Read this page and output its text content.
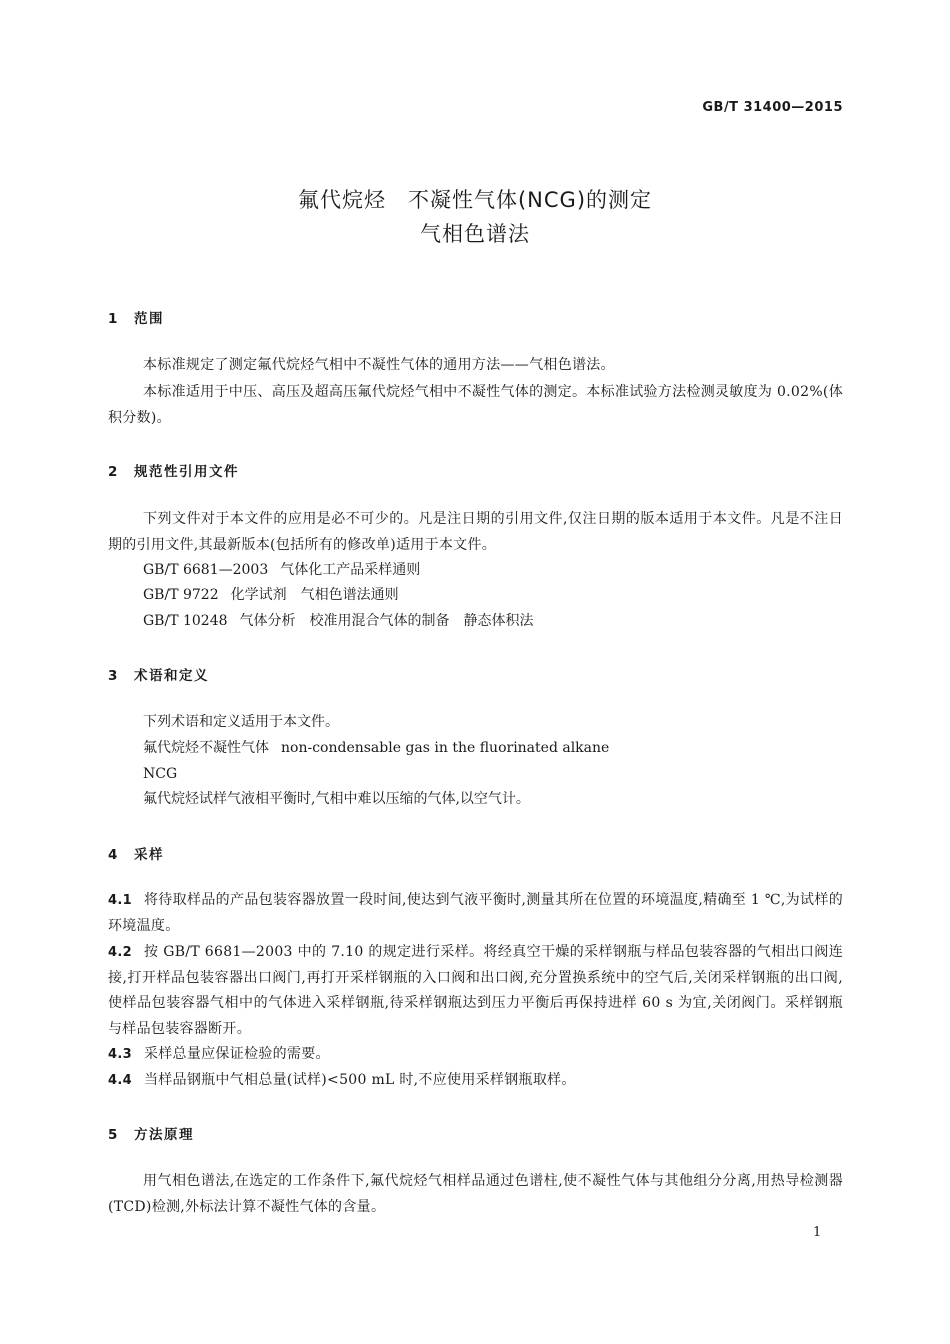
GB/T 31400—2015
氟代烷烃 不凝性气体(NCG)的测定
气相色谱法
1 范围
本标准规定了测定氟代烷烃气相中不凝性气体的通用方法——气相色谱法。
本标准适用于中压、高压及超高压氟代烷烃气相中不凝性气体的测定。本标准试验方法检测灵敏度为 0.02%(体积分数)。
2 规范性引用文件
下列文件对于本文件的应用是必不可少的。凡是注日期的引用文件,仅注日期的版本适用于本文件。凡是不注日期的引用文件,其最新版本(包括所有的修改单)适用于本文件。
GB/T 6681—2003 气体化工产品采样通则
GB/T 9722 化学试剂　气相色谱法通则
GB/T 10248 气体分析　校准用混合气体的制备　静态体积法
3 术语和定义
下列术语和定义适用于本文件。
氟代烷烃不凝性气体 non-condensable gas in the fluorinated alkane
NCG
氟代烷烃试样气液相平衡时,气相中难以压缩的气体,以空气计。
4 采样
4.1 将待取样品的产品包装容器放置一段时间,使达到气液平衡时,测量其所在位置的环境温度,精确至 1 ℃,为试样的环境温度。
4.2 按 GB/T 6681—2003 中的 7.10 的规定进行采样。将经真空干燥的采样钢瓶与样品包装容器的气相出口阀连接,打开样品包装容器出口阀门,再打开采样钢瓶的入口阀和出口阀,充分置换系统中的空气后,关闭采样钢瓶的出口阀,使样品包装容器气相中的气体进入采样钢瓶,待采样钢瓶达到压力平衡后再保持进样 60 s 为宜,关闭阀门。采样钢瓶与样品包装容器断开。
4.3 采样总量应保证检验的需要。
4.4 当样品钢瓶中气相总量(试样)<500 mL 时,不应使用采样钢瓶取样。
5 方法原理
用气相色谱法,在选定的工作条件下,氟代烷烃气相样品通过色谱柱,使不凝性气体与其他组分分离,用热导检测器(TCD)检测,外标法计算不凝性气体的含量。
1
